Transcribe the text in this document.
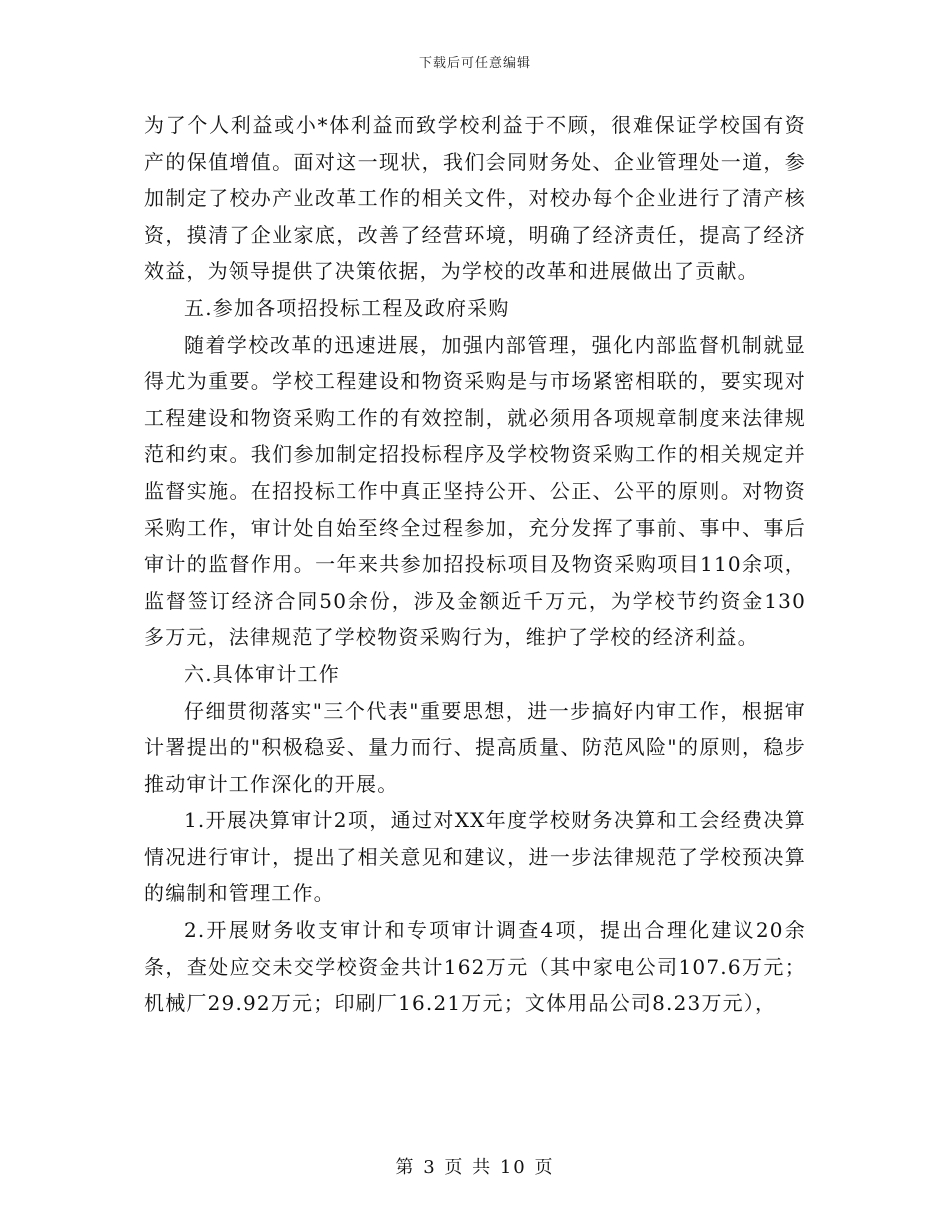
下载后可任意编辑

为了个人利益或小*体利益而致学校利益于不顾，很难保证学校国有资产的保值增值。面对这一现状，我们会同财务处、企业管理处一道，参加制定了校办产业改革工作的相关文件，对校办每个企业进行了清产核资，摸清了企业家底，改善了经营环境，明确了经济责任，提高了经济效益，为领导提供了决策依据，为学校的改革和进展做出了贡献。

五.参加各项招投标工程及政府采购

随着学校改革的迅速进展，加强内部管理，强化内部监督机制就显得尤为重要。学校工程建设和物资采购是与市场紧密相联的，要实现对工程建设和物资采购工作的有效控制，就必须用各项规章制度来法律规范和约束。我们参加制定招投标程序及学校物资采购工作的相关规定并监督实施。在招投标工作中真正坚持公开、公正、公平的原则。对物资采购工作，审计处自始至终全过程参加，充分发挥了事前、事中、事后审计的监督作用。一年来共参加招投标项目及物资采购项目110余项，监督签订经济合同50余份，涉及金额近千万元，为学校节约资金130多万元，法律规范了学校物资采购行为，维护了学校的经济利益。

六.具体审计工作

仔细贯彻落实"三个代表"重要思想，进一步搞好内审工作，根据审计署提出的"积极稳妥、量力而行、提高质量、防范风险"的原则，稳步推动审计工作深化的开展。

1.开展决算审计2项，通过对XX年度学校财务决算和工会经费决算情况进行审计，提出了相关意见和建议，进一步法律规范了学校预决算的编制和管理工作。

2.开展财务收支审计和专项审计调查4项，提出合理化建议20余条，查处应交未交学校资金共计162万元（其中家电公司107.6万元；机械厂29.92万元；印刷厂16.21万元；文体用品公司8.23万元），

第 3 页 共 10 页
